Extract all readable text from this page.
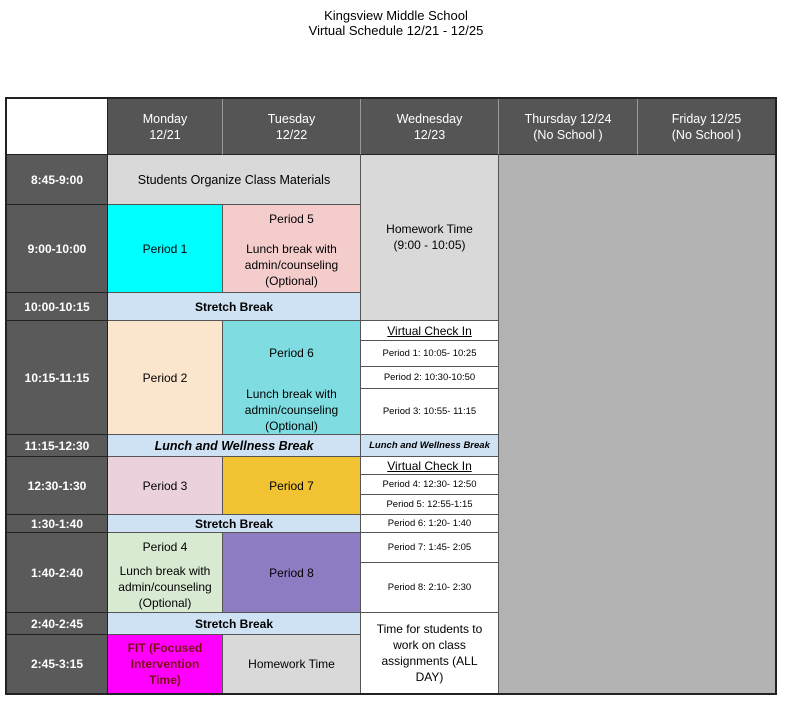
Kingsview Middle School
Virtual Schedule 12/21 - 12/25
Monday
12/21
Tuesday
12/22
Wednesday
12/23
Thursday 12/24
(No School )
Friday 12/25
(No School )
8:45-9:00
9:00-10:00
10:00-10:15
10:15-11:15
11:15-12:30
12:30-1:30
1:30-1:40
1:40-2:40
2:40-2:45
2:45-3:15
Students Organize Class Materials
Period 1
Period 5
Lunch break with admin/counseling (Optional)
Stretch Break
Period 2
Period 6
Lunch break with admin/counseling (Optional)
Lunch and Wellness Break
Period 3	Period 7
Stretch Break
Period 4
Lunch break with admin/counseling (Optional)
Period 8
Stretch Break
FIT (Focused Intervention Time)
Homework Time
Homework Time
(9:00 - 10:05)
Virtual Check In
Period 1: 10:05- 10:25
Period 2: 10:30-10:50
Period 3: 10:55- 11:15
Lunch and Wellness Break
Virtual Check In
Period 4: 12:30- 12:50
Period 5: 12:55-1:15
Period 6: 1:20- 1:40
Period 7: 1:45- 2:05
Period 8: 2:10- 2:30
Time for students to work on class assignments (ALL DAY)
